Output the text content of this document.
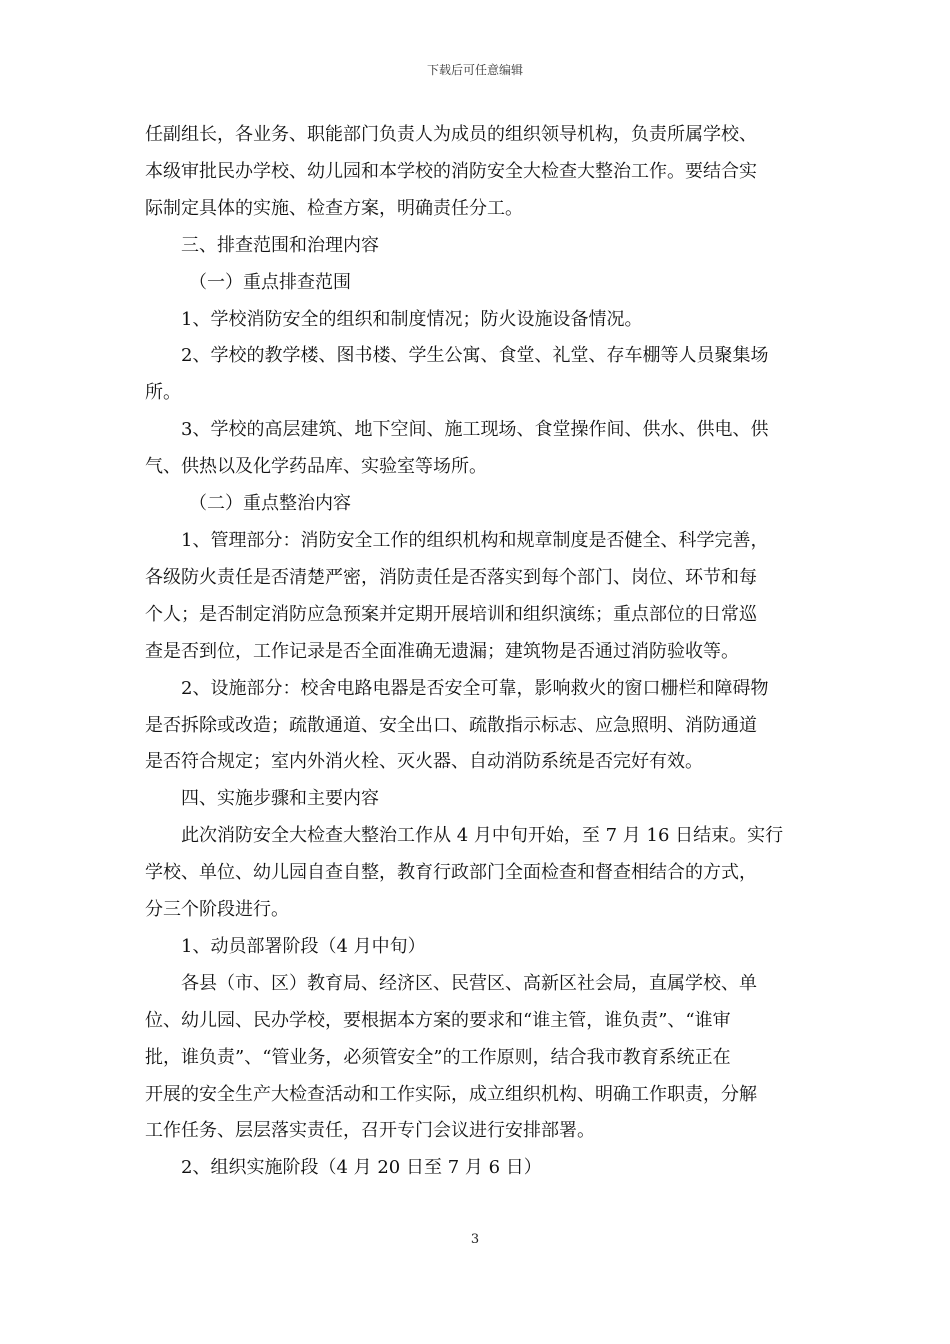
下载后可任意编辑
任副组长，各业务、职能部门负责人为成员的组织领导机构，负责所属学校、
本级审批民办学校、幼儿园和本学校的消防安全大检查大整治工作。要结合实
际制定具体的实施、检查方案，明确责任分工。
三、排查范围和治理内容
（一）重点排查范围
1、学校消防安全的组织和制度情况；防火设施设备情况。
2、学校的教学楼、图书楼、学生公寓、食堂、礼堂、存车棚等人员聚集场
所。
3、学校的高层建筑、地下空间、施工现场、食堂操作间、供水、供电、供
气、供热以及化学药品库、实验室等场所。
（二）重点整治内容
1、管理部分：消防安全工作的组织机构和规章制度是否健全、科学完善，
各级防火责任是否清楚严密，消防责任是否落实到每个部门、岗位、环节和每
个人；是否制定消防应急预案并定期开展培训和组织演练；重点部位的日常巡
查是否到位，工作记录是否全面准确无遗漏；建筑物是否通过消防验收等。
2、设施部分：校舍电路电器是否安全可靠，影响救火的窗口栅栏和障碍物
是否拆除或改造；疏散通道、安全出口、疏散指示标志、应急照明、消防通道
是否符合规定；室内外消火栓、灭火器、自动消防系统是否完好有效。
四、实施步骤和主要内容
此次消防安全大检查大整治工作从 4 月中旬开始，至 7 月 16 日结束。实行
学校、单位、幼儿园自查自整，教育行政部门全面检查和督查相结合的方式，
分三个阶段进行。
1、动员部署阶段（4 月中旬）
各县（市、区）教育局、经济区、民营区、高新区社会局，直属学校、单
位、幼儿园、民办学校，要根据本方案的要求和“谁主管，谁负责”、“谁审
批，谁负责”、“管业务，必须管安全”的工作原则，结合我市教育系统正在
开展的安全生产大检查活动和工作实际，成立组织机构、明确工作职责，分解
工作任务、层层落实责任，召开专门会议进行安排部署。
2、组织实施阶段（4 月 20 日至 7 月 6 日）
3
